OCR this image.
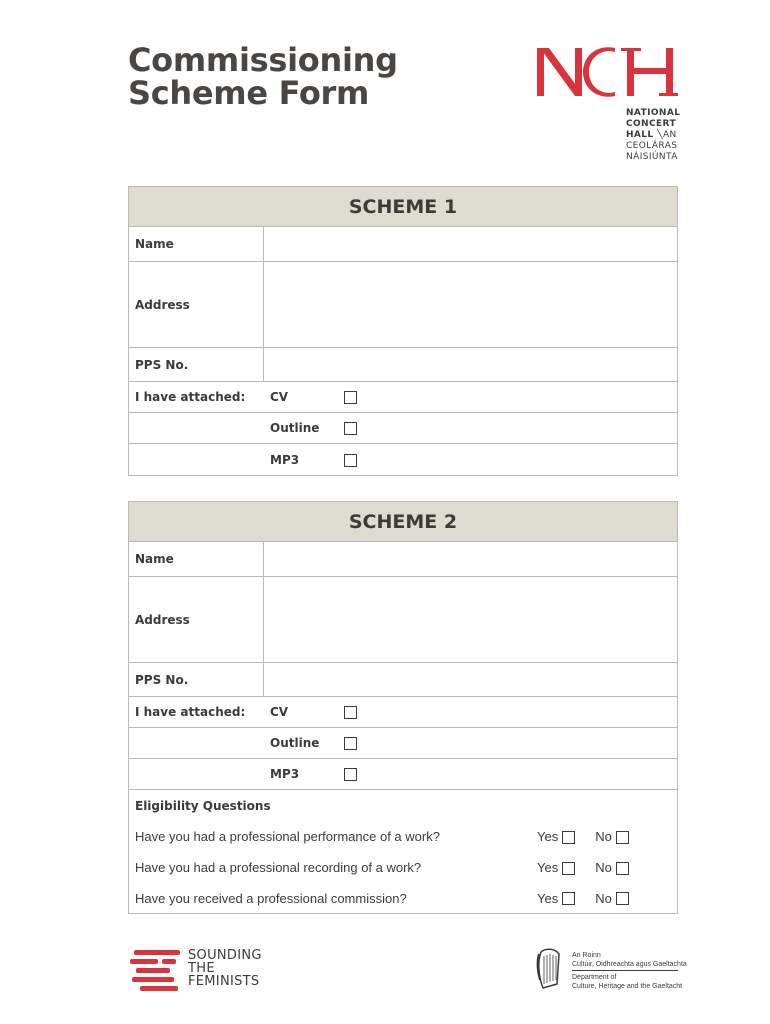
Commissioning
Scheme Form
NATIONAL
CONCERT
HALL ╲AN
CEOLÁRAS
NÁISIÚNTA
SCHEME 1
Name
Address
PPS No.
I have attached:	CV
Outline
MP3
SCHEME 2
Name
Address
PPS No.
I have attached:	CV
Outline
MP3
Eligibility Questions
Have you had a professional performance of a work?	Yes	No
Have you had a professional recording of a work?	Yes	No
Have you received a professional commission?	Yes	No
SOUNDING
THE
FEMINISTS
An Roinn
Cultúir, Oidhreachta agus Gaeltachta
Department of
Culture, Heritage and the Gaeltacht
